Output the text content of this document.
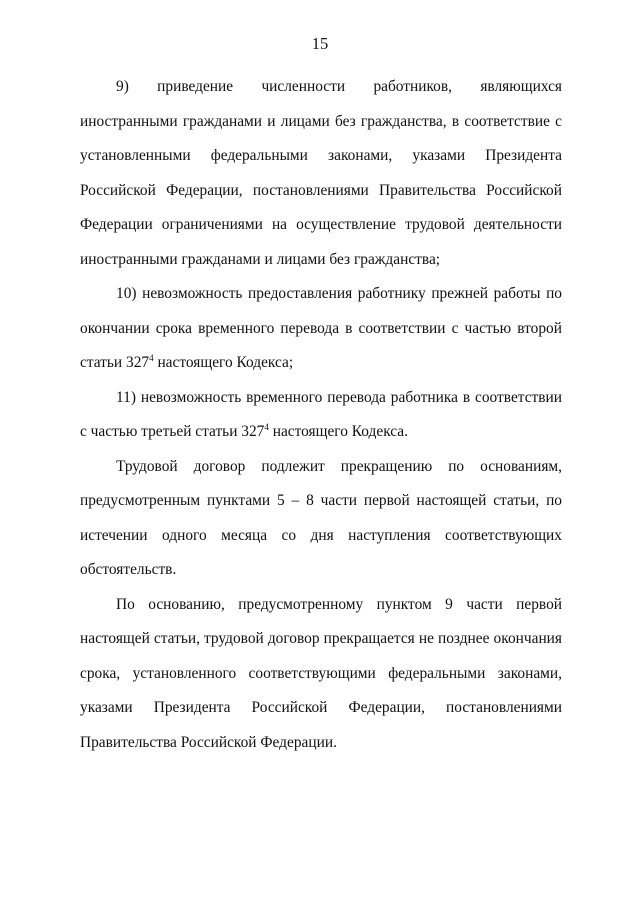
15

9) приведение численности работников, являющихся иностранными гражданами и лицами без гражданства, в соответствие с установленными федеральными законами, указами Президента Российской Федерации, постановлениями Правительства Российской Федерации ограничениями на осуществление трудовой деятельности иностранными гражданами и лицами без гражданства;

10) невозможность предоставления работнику прежней работы по окончании срока временного перевода в соответствии с частью второй статьи $327^4$ настоящего Кодекса;

11) невозможность временного перевода работника в соответствии с частью третьей статьи $327^4$ настоящего Кодекса.

Трудовой договор подлежит прекращению по основаниям, предусмотренным пунктами 5 – 8 части первой настоящей статьи, по истечении одного месяца со дня наступления соответствующих обстоятельств.

По основанию, предусмотренному пунктом 9 части первой настоящей статьи, трудовой договор прекращается не позднее окончания срока, установленного соответствующими федеральными законами, указами Президента Российской Федерации, постановлениями Правительства Российской Федерации.
